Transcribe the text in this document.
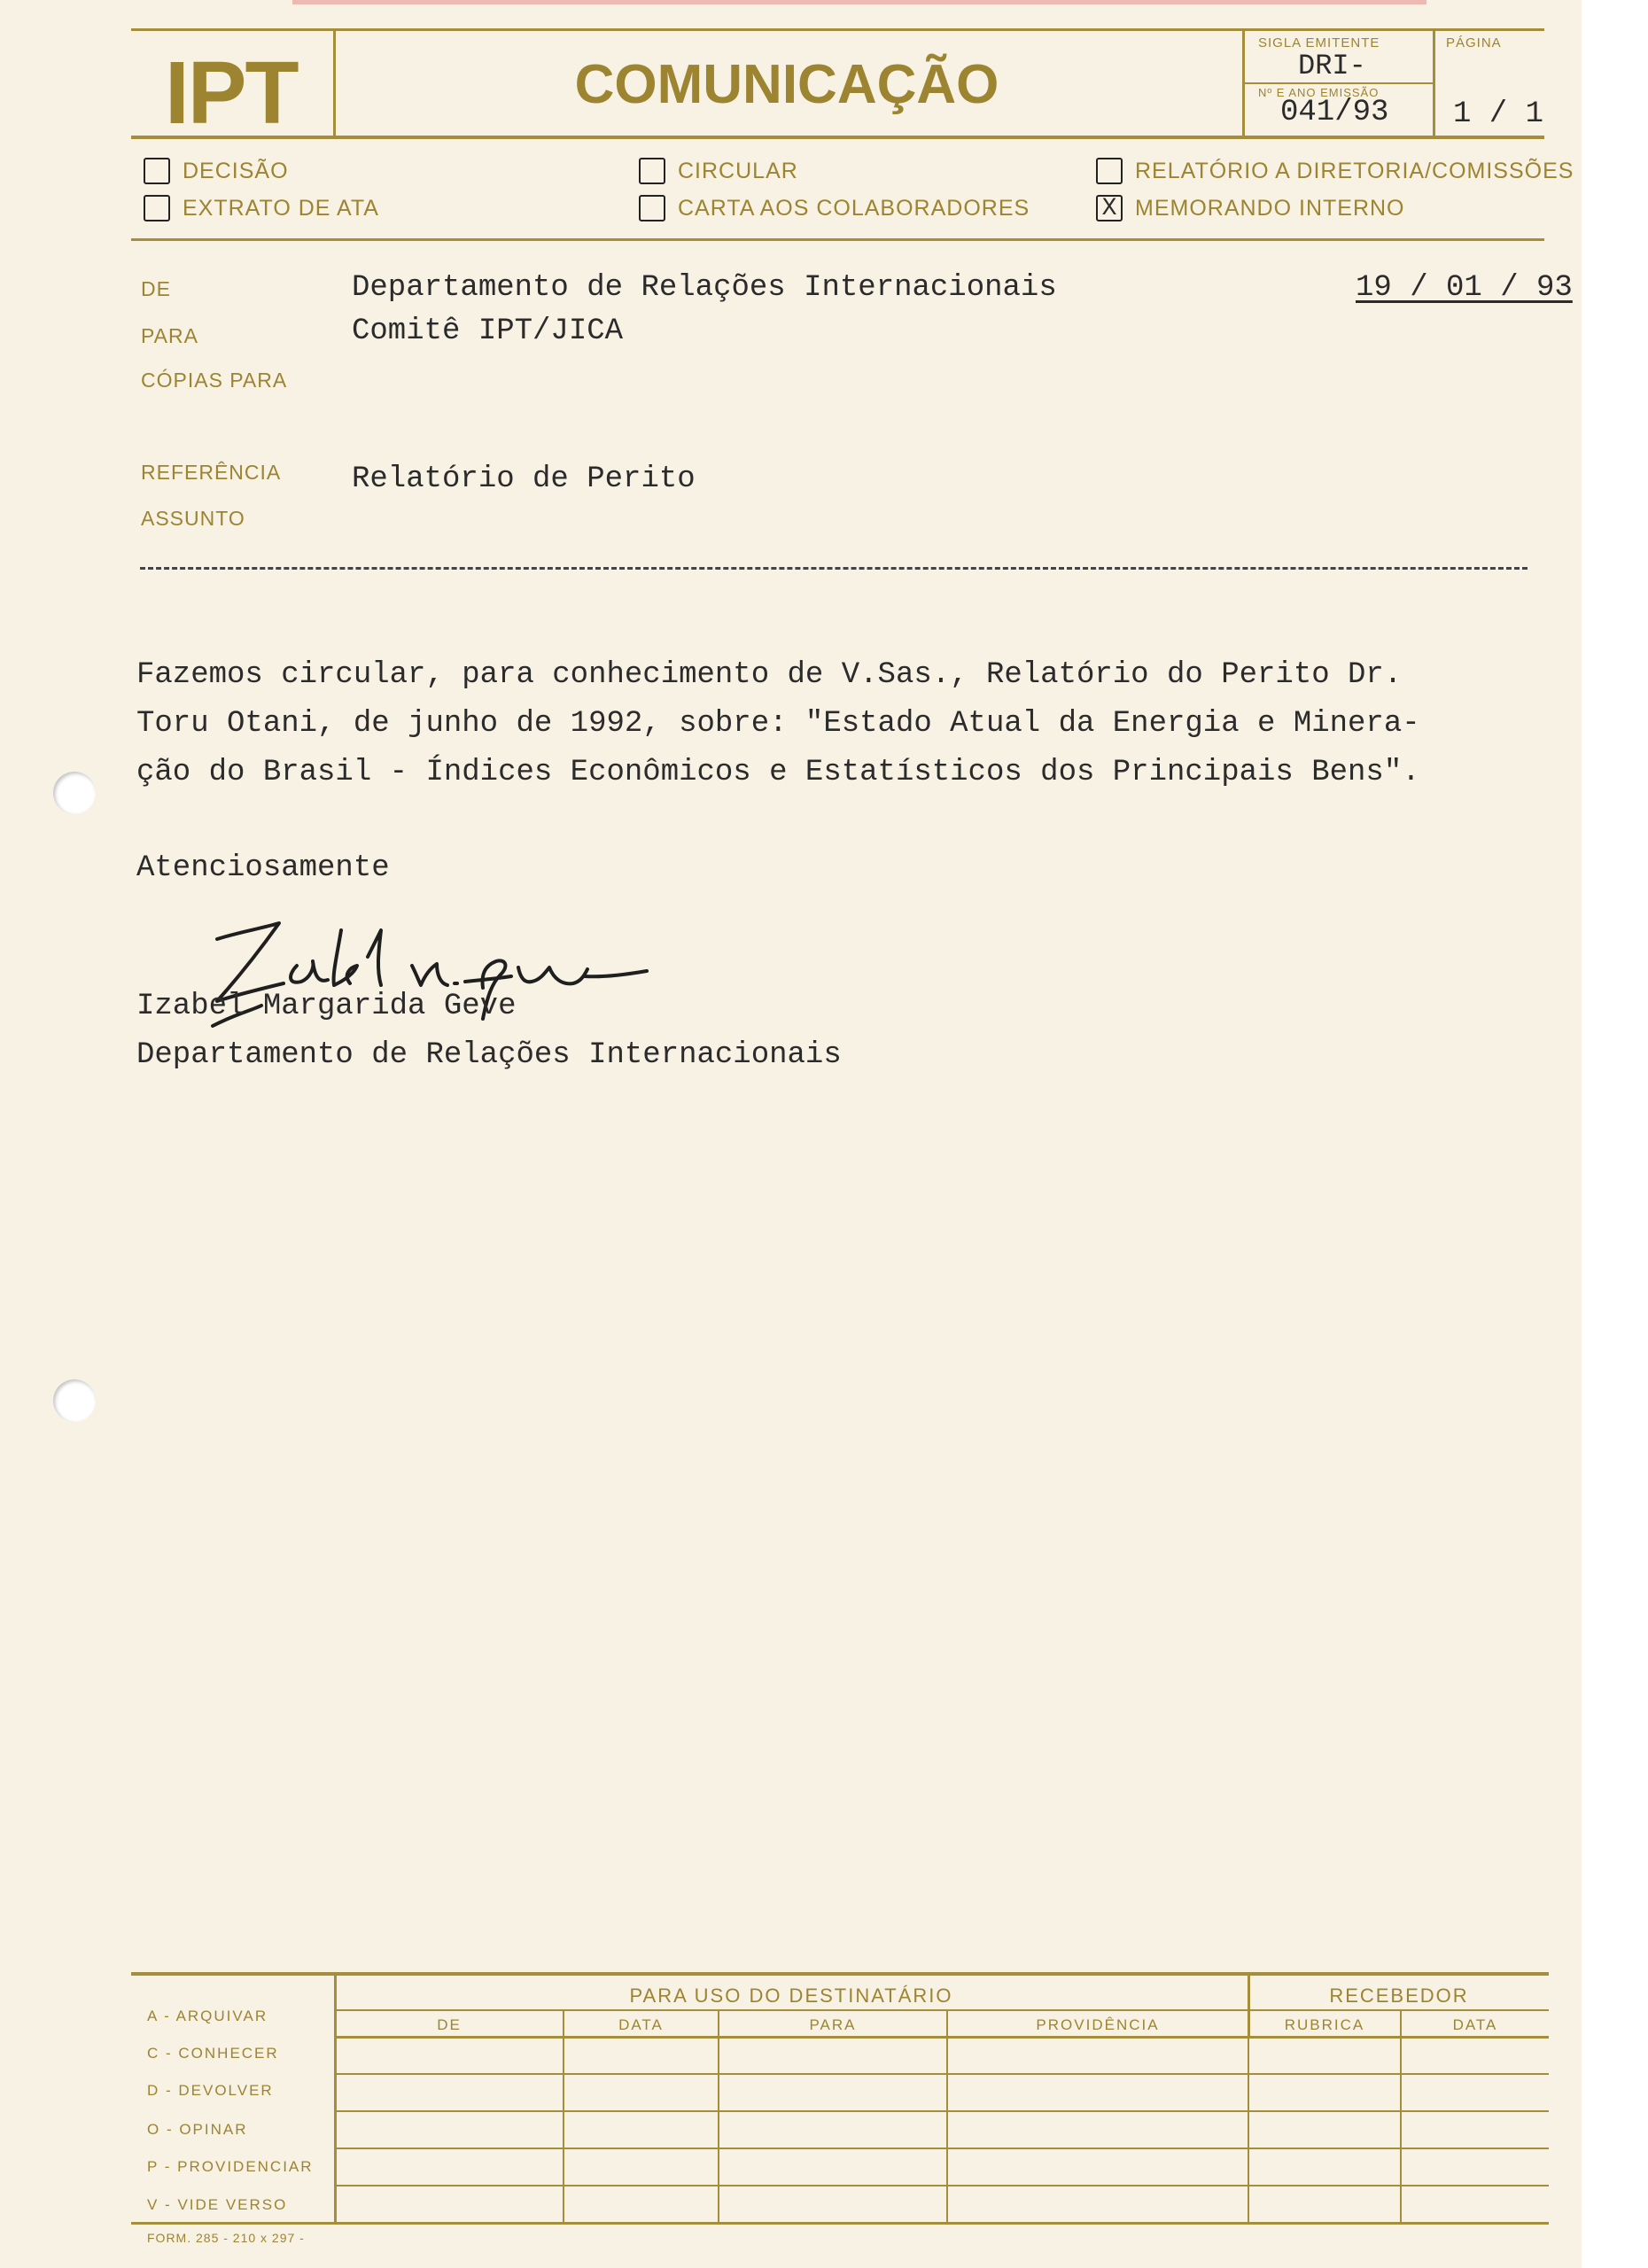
IPT	COMUNICAÇÃO
SIGLA EMITENTE
DRI-
Nº E ANO EMISSÃO
041/93
PÁGINA
1 / 1
DECISÃO
EXTRATO DE ATA
CIRCULAR
CARTA AOS COLABORADORES
RELATÓRIO A DIRETORIA/COMISSÕES
X MEMORANDO INTERNO
DE	Departamento de Relações Internacionais	19 / 01 / 93
PARA	Comitê IPT/JICA
CÓPIAS PARA
REFERÊNCIA Relatório de Perito
ASSUNTO

Fazemos circular, para conhecimento de V.Sas., Relatório do Perito Dr.

Toru Otani, de junho de 1992, sobre: "Estado Atual da Energia e Minera-

ção do Brasil - Índices Econômicos e Estatísticos dos Principais Bens".

Atenciosamente

Izabel Margarida Geve
Departamento de Relações Internacionais
PARA USO DO DESTINATÁRIO	RECEBEDOR
DE	DATA	PARA	PROVIDÊNCIA	RUBRICA	DATA
A - ARQUIVAR
C - CONHECER
D - DEVOLVER
O - OPINAR
P - PROVIDENCIAR
V - VIDE VERSO
FORM. 285 - 210 x 297 -
